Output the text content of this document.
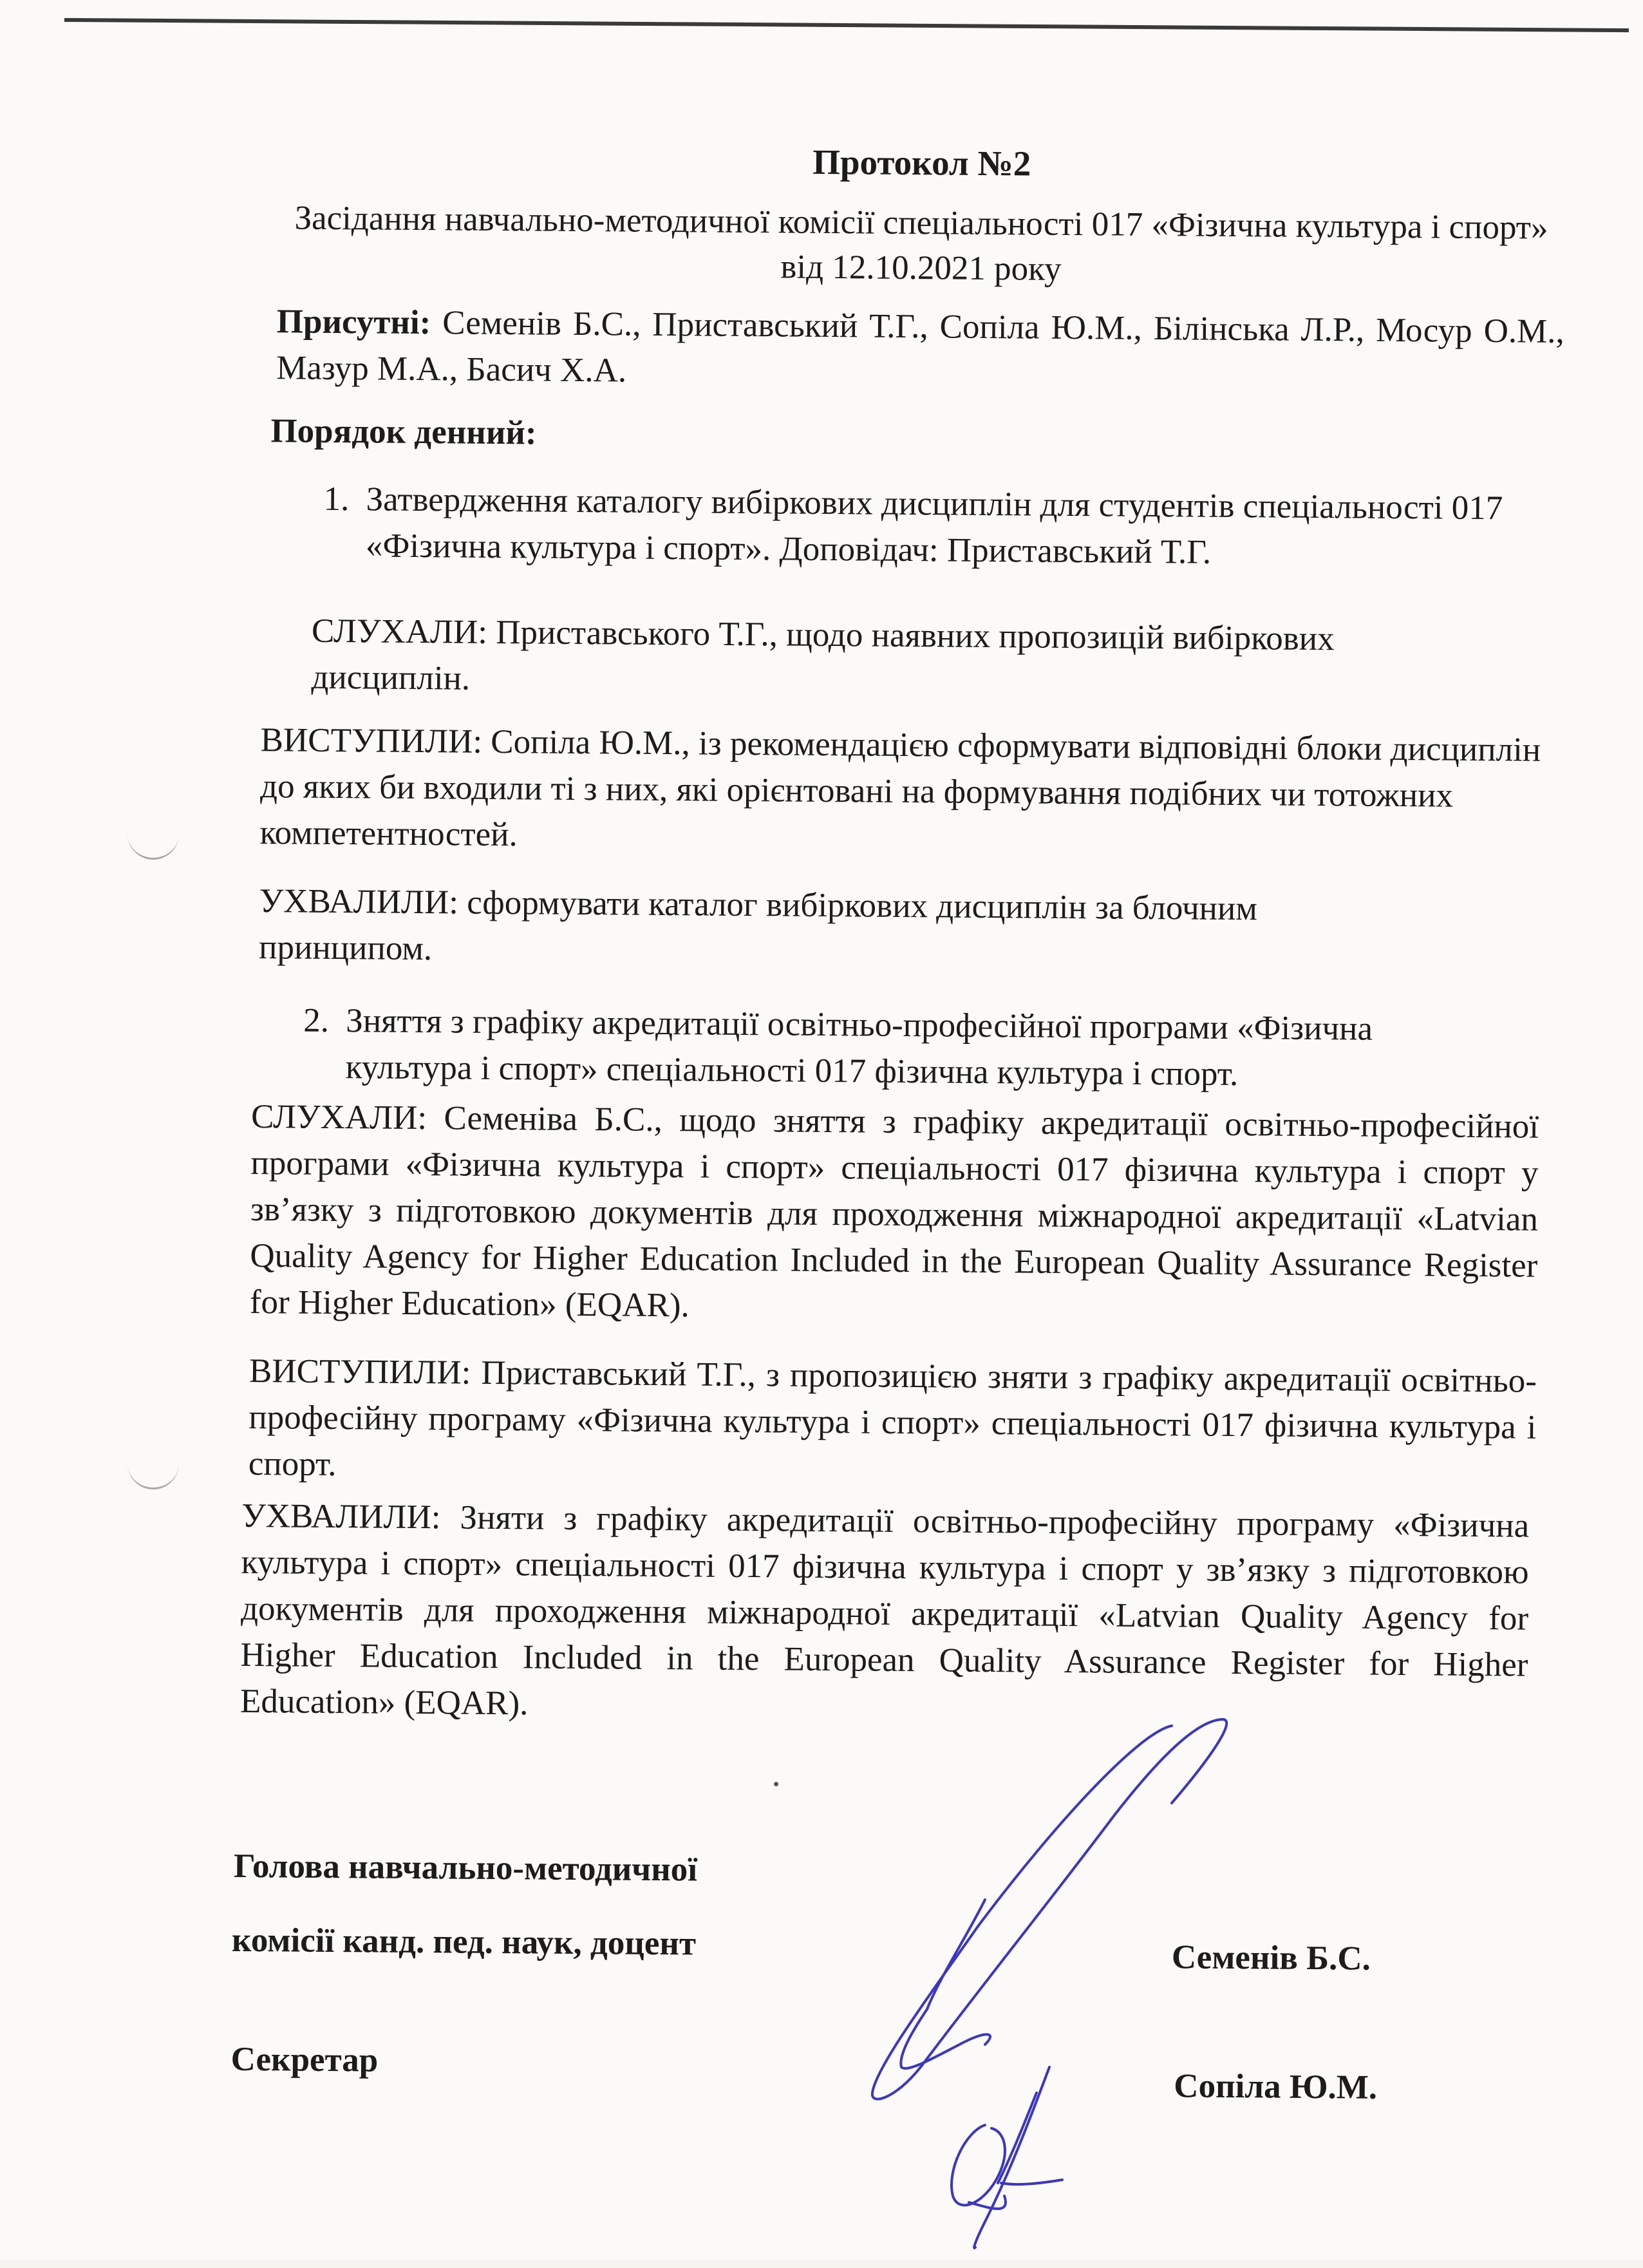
Протокол №2
Засідання навчально-методичної комісії спеціальності 017 «Фізична культура і спорт» від 12.10.2021 року

Присутні: Семенів Б.С., Приставський Т.Г., Сопіла Ю.М., Білінська Л.Р., Мосур О.М., Мазур М.А., Басич Х.А.

Порядок денний:

1. Затвердження каталогу вибіркових дисциплін для студентів спеціальності 017 «Фізична культура і спорт». Доповідач: Приставський Т.Г.

СЛУХАЛИ: Приставського Т.Г., щодо наявних пропозицій вибіркових дисциплін.

ВИСТУПИЛИ: Сопіла Ю.М., із рекомендацією сформувати відповідні блоки дисциплін до яких би входили ті з них, які орієнтовані на формування подібних чи тотожних компетентностей.

УХВАЛИЛИ: сформувати каталог вибіркових дисциплін за блочним принципом.

2. Зняття з графіку акредитації освітньо-професійної програми «Фізична культура і спорт» спеціальності 017 фізична культура і спорт.

СЛУХАЛИ: Семеніва Б.С., щодо зняття з графіку акредитації освітньо-професійної програми «Фізична культура і спорт» спеціальності 017 фізична культура і спорт у зв’язку з підготовкою документів для проходження міжнародної акредитації «Latvian Quality Agency for Higher Education Included in the European Quality Assurance Register for Higher Education» (EQAR).

ВИСТУПИЛИ: Приставський Т.Г., з пропозицією зняти з графіку акредитації освітньо-професійну програму «Фізична культура і спорт» спеціальності 017 фізична культура і спорт.

УХВАЛИЛИ: Зняти з графіку акредитації освітньо-професійну програму «Фізична культура і спорт» спеціальності 017 фізична культура і спорт у зв’язку з підготовкою документів для проходження міжнародної акредитації «Latvian Quality Agency for Higher Education Included in the European Quality Assurance Register for Higher Education» (EQAR).

Голова навчально-методичної
комісії канд. пед. наук, доцент	Семенів Б.С.
Секретар
Сопіла Ю.М.
